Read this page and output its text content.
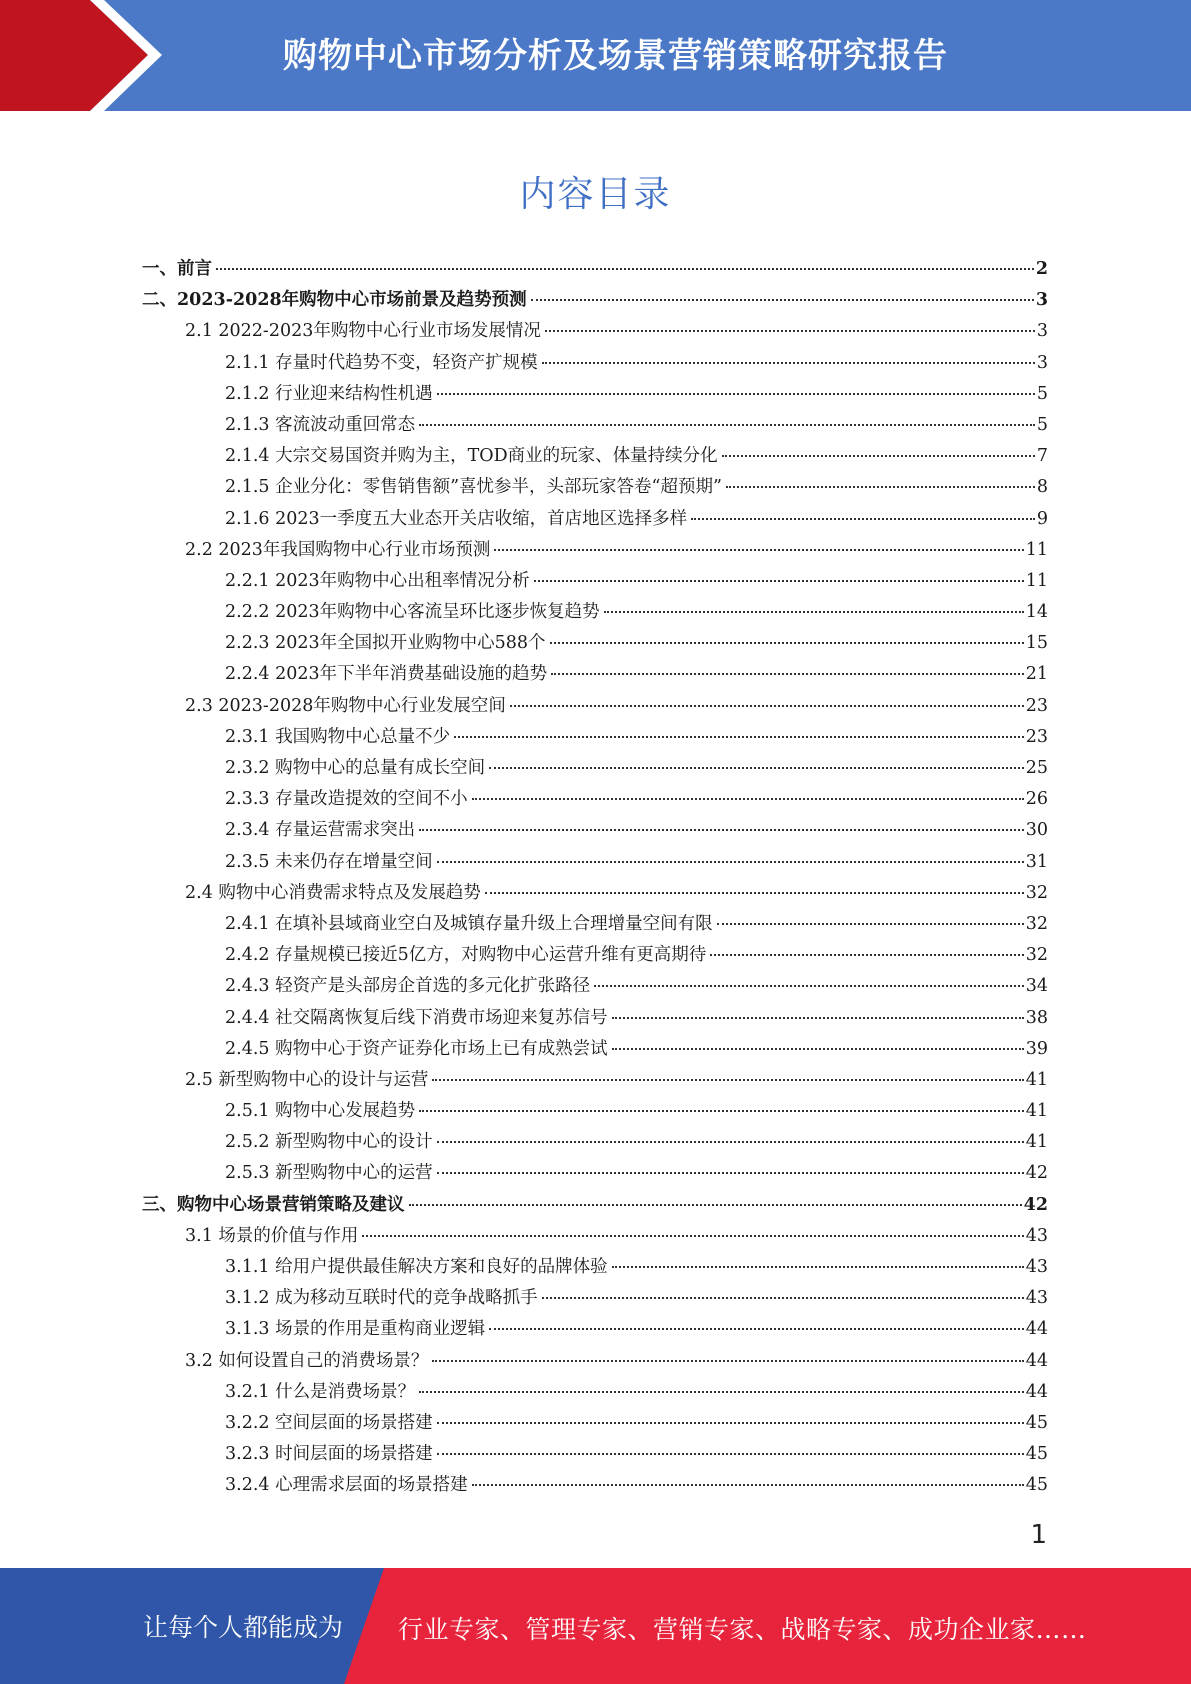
购物中心市场分析及场景营销策略研究报告
内容目录
一、前言	2
二、2023-2028年购物中心市场前景及趋势预测	3
2.1 2022-2023年购物中心行业市场发展情况	3
2.1.1 存量时代趋势不变，轻资产扩规模	3
2.1.2 行业迎来结构性机遇	5
2.1.3 客流波动重回常态	5
2.1.4 大宗交易国资并购为主，TOD商业的玩家、体量持续分化	7
2.1.5 企业分化：零售销售额”喜忧参半，头部玩家答卷“超预期”	8
2.1.6 2023一季度五大业态开关店收缩，首店地区选择多样	9
2.2 2023年我国购物中心行业市场预测	11
2.2.1 2023年购物中心出租率情况分析	11
2.2.2 2023年购物中心客流呈环比逐步恢复趋势	14
2.2.3 2023年全国拟开业购物中心588个	15
2.2.4 2023年下半年消费基础设施的趋势	21
2.3 2023-2028年购物中心行业发展空间	23
2.3.1 我国购物中心总量不少	23
2.3.2 购物中心的总量有成长空间	25
2.3.3 存量改造提效的空间不小	26
2.3.4 存量运营需求突出	30
2.3.5 未来仍存在增量空间	31
2.4 购物中心消费需求特点及发展趋势	32
2.4.1 在填补县域商业空白及城镇存量升级上合理增量空间有限	32
2.4.2 存量规模已接近5亿方，对购物中心运营升维有更高期待	32
2.4.3 轻资产是头部房企首选的多元化扩张路径	34
2.4.4 社交隔离恢复后线下消费市场迎来复苏信号	38
2.4.5 购物中心于资产证券化市场上已有成熟尝试	39
2.5 新型购物中心的设计与运营	41
2.5.1 购物中心发展趋势	41
2.5.2 新型购物中心的设计	41
2.5.3 新型购物中心的运营	42
三、购物中心场景营销策略及建议	42
3.1 场景的价值与作用	43
3.1.1 给用户提供最佳解决方案和良好的品牌体验	43
3.1.2 成为移动互联时代的竞争战略抓手	43
3.1.3 场景的作用是重构商业逻辑	44
3.2 如何设置自己的消费场景？	44
3.2.1 什么是消费场景？	44
3.2.2 空间层面的场景搭建	45
3.2.3 时间层面的场景搭建	45
3.2.4 心理需求层面的场景搭建	45
1
让每个人都能成为 行业专家、管理专家、营销专家、战略专家、成功企业家……
